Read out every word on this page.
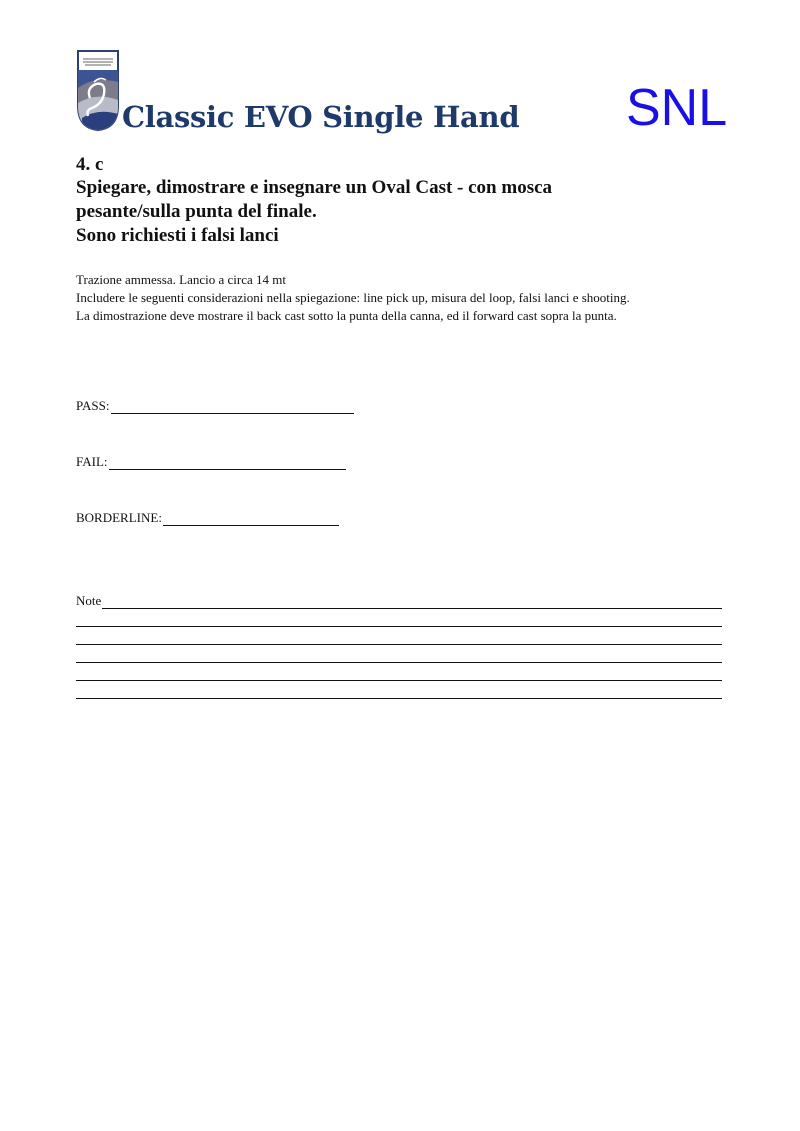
Classic EVO Single Hand SNL
4. c
Spiegare, dimostrare e insegnare un Oval Cast - con mosca
pesante/sulla punta del finale.
Sono richiesti i falsi lanci
Trazione ammessa. Lancio a circa 14 mt
Includere le seguenti considerazioni nella spiegazione: line pick up, misura del loop, falsi lanci e shooting.
La dimostrazione deve mostrare il back cast sotto la punta della canna, ed il forward cast sopra la punta.
PASS:
FAIL:
BORDERLINE:
Note
